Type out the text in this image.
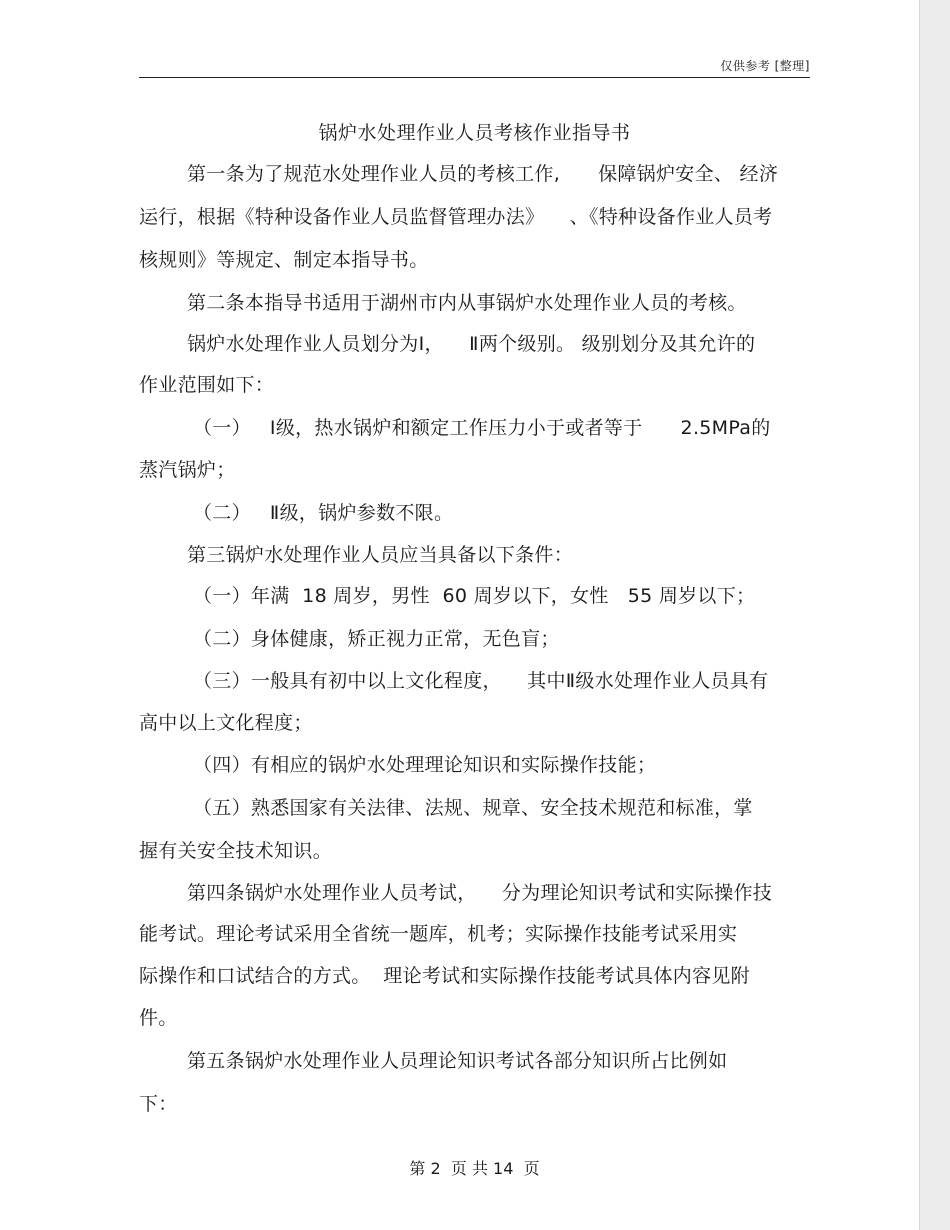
仅供参考 [整理]
锅炉水处理作业人员考核作业指导书
第一条为了规范水处理作业人员的考核工作,      保障锅炉安全、 经济
运行，根据《特种设备作业人员监督管理办法》    、《特种设备作业人员考
核规则》等规定、制定本指导书。
第二条本指导书适用于湖州市内从事锅炉水处理作业人员的考核。
锅炉水处理作业人员划分为Ⅰ，    Ⅱ两个级别。 级别划分及其允许的
作业范围如下：
（一）   Ⅰ级，热水锅炉和额定工作压力小于或者等于      2.5MPa的
蒸汽锅炉；
（二）   Ⅱ级，锅炉参数不限。
第三锅炉水处理作业人员应当具备以下条件：
（一）年满  18 周岁，男性  60 周岁以下，女性   55 周岁以下；
（二）身体健康，矫正视力正常，无色盲；
（三）一般具有初中以上文化程度，    其中Ⅱ级水处理作业人员具有
高中以上文化程度；
（四）有相应的锅炉水处理理论知识和实际操作技能；
（五）熟悉国家有关法律、法规、规章、安全技术规范和标准，掌
握有关安全技术知识。
第四条锅炉水处理作业人员考试，    分为理论知识考试和实际操作技
能考试。理论考试采用全省统一题库，机考；实际操作技能考试采用实
际操作和口试结合的方式。  理论考试和实际操作技能考试具体内容见附
件。
第五条锅炉水处理作业人员理论知识考试各部分知识所占比例如
下：
第 2  页 共 14  页
